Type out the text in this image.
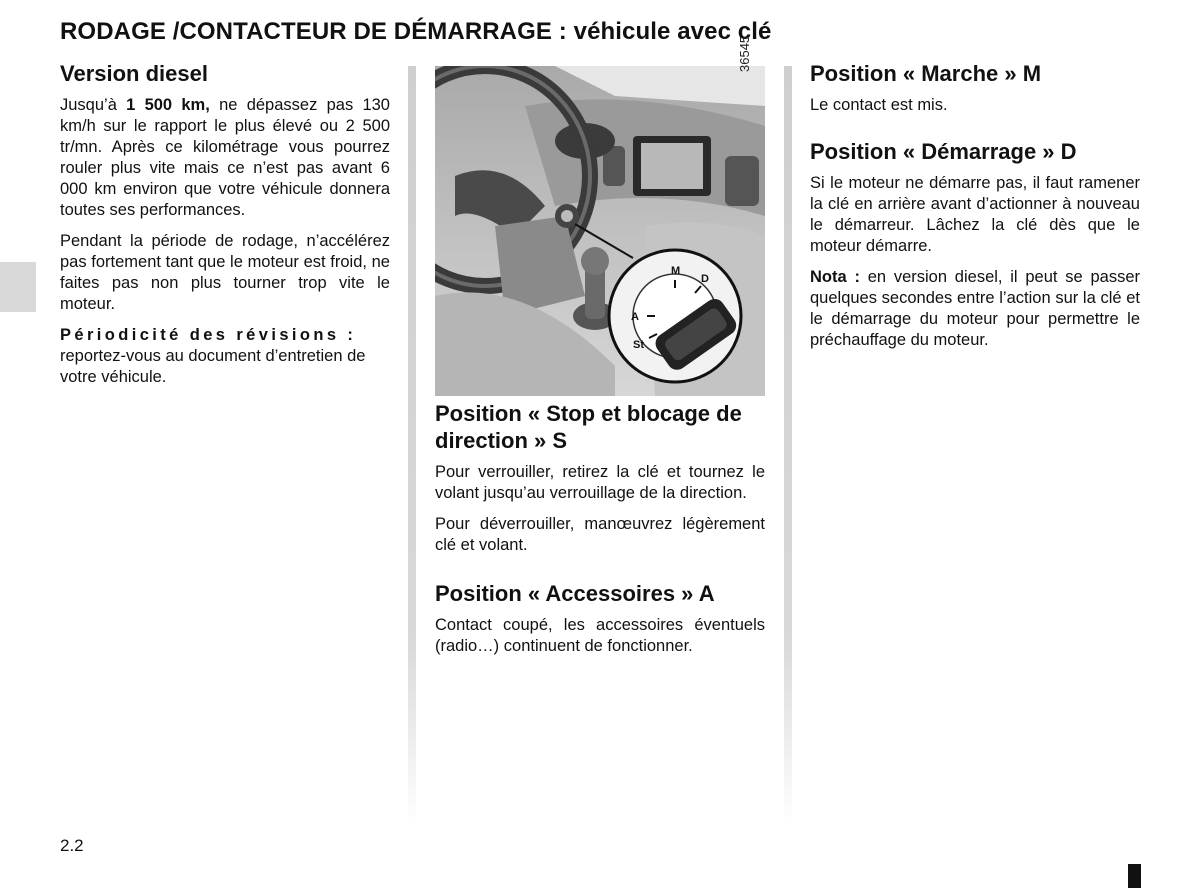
RODAGE /CONTACTEUR DE DÉMARRAGE : véhicule avec clé
Version diesel

Jusqu’à 1 500 km, ne dépassez pas 130 km/h sur le rapport le plus élevé ou 2 500 tr/mn. Après ce kilométrage vous pourrez rouler plus vite mais ce n’est pas avant 6 000 km environ que votre véhicule donnera toutes ses performances.

Pendant la période de rodage, n’accélérez pas fortement tant que le moteur est froid, ne faites pas non plus tourner trop vite le moteur.

Périodicité des révisions : reportez-vous au document d’entretien de votre véhicule.

M
D
A
St
36545
Position « Stop et blocage de direction » S

Pour verrouiller, retirez la clé et tournez le volant jusqu’au verrouillage de la direction.

Pour déverrouiller, manœuvrez légèrement clé et volant.

Position « Accessoires » A

Contact coupé, les accessoires éventuels (radio…) continuent de fonctionner.

Position « Marche » M

Le contact est mis.

Position « Démarrage » D

Si le moteur ne démarre pas, il faut ramener la clé en arrière avant d’actionner à nouveau le démarreur. Lâchez la clé dès que le moteur démarre.

Nota : en version diesel, il peut se passer quelques secondes entre l’action sur la clé et le démarrage du moteur pour permettre le préchauffage du moteur.

2.2
